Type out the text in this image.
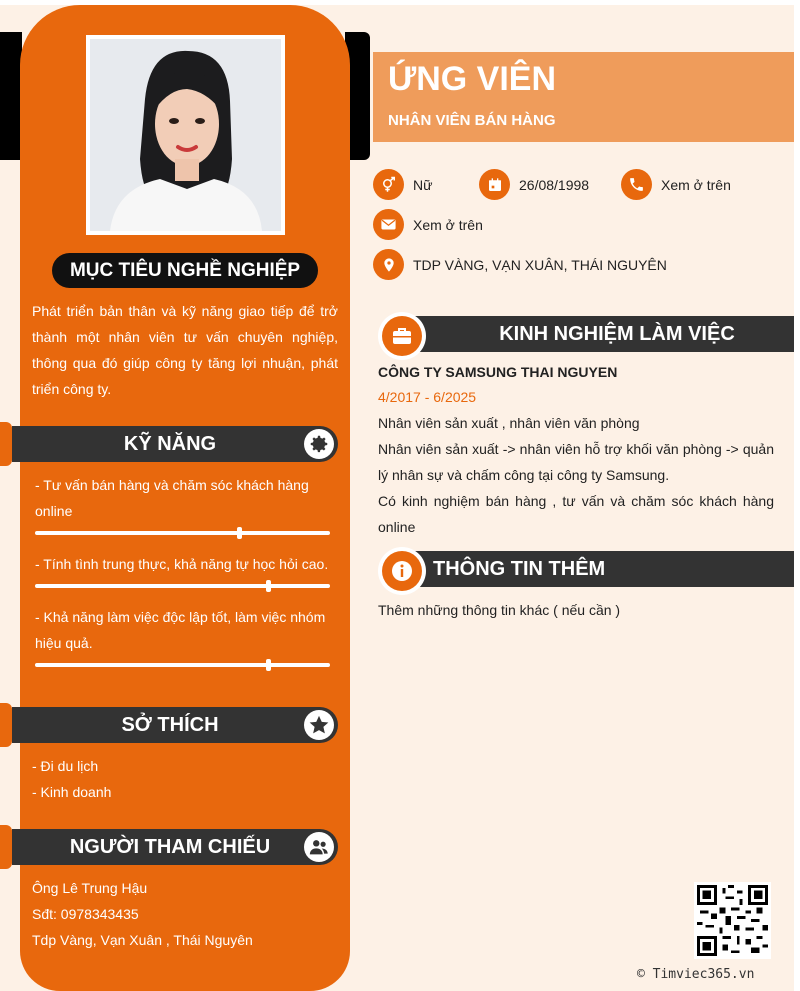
MỤC TIÊU NGHỀ NGHIỆP
Phát triển bản thân và kỹ năng giao tiếp để trở thành một nhân viên tư vấn chuyên nghiệp, thông qua đó giúp công ty tăng lợi nhuận, phát triển công ty.
KỸ NĂNG
- Tư vấn bán hàng và chăm sóc khách hàng online
- Tính tình trung thực, khả năng tự học hỏi cao.
- Khả năng làm việc độc lập tốt, làm việc nhóm hiệu quả.
SỞ THÍCH
- Đi du lịch
- Kinh doanh
NGƯỜI THAM CHIẾU
Ông Lê Trung Hậu
Sđt: 0978343435
Tdp Vàng, Vạn Xuân , Thái Nguyên
ỨNG VIÊN
NHÂN VIÊN BÁN HÀNG
Nữ	26/08/1998	Xem ở trên
Xem ở trên
TDP VÀNG, VẠN XUÂN, THÁI NGUYÊN
KINH NGHIỆM LÀM VIỆC
CÔNG TY SAMSUNG THAI NGUYEN
4/2017 - 6/2025
Nhân viên sản xuất , nhân viên văn phòng
Nhân viên sản xuất -> nhân viên hỗ trợ khối văn phòng -> quản lý nhân sự và chấm công tại công ty Samsung.
Có kinh nghiệm bán hàng , tư vấn và chăm sóc khách hàng online
THÔNG TIN THÊM
Thêm những thông tin khác ( nếu cần )
© Timviec365.vn
